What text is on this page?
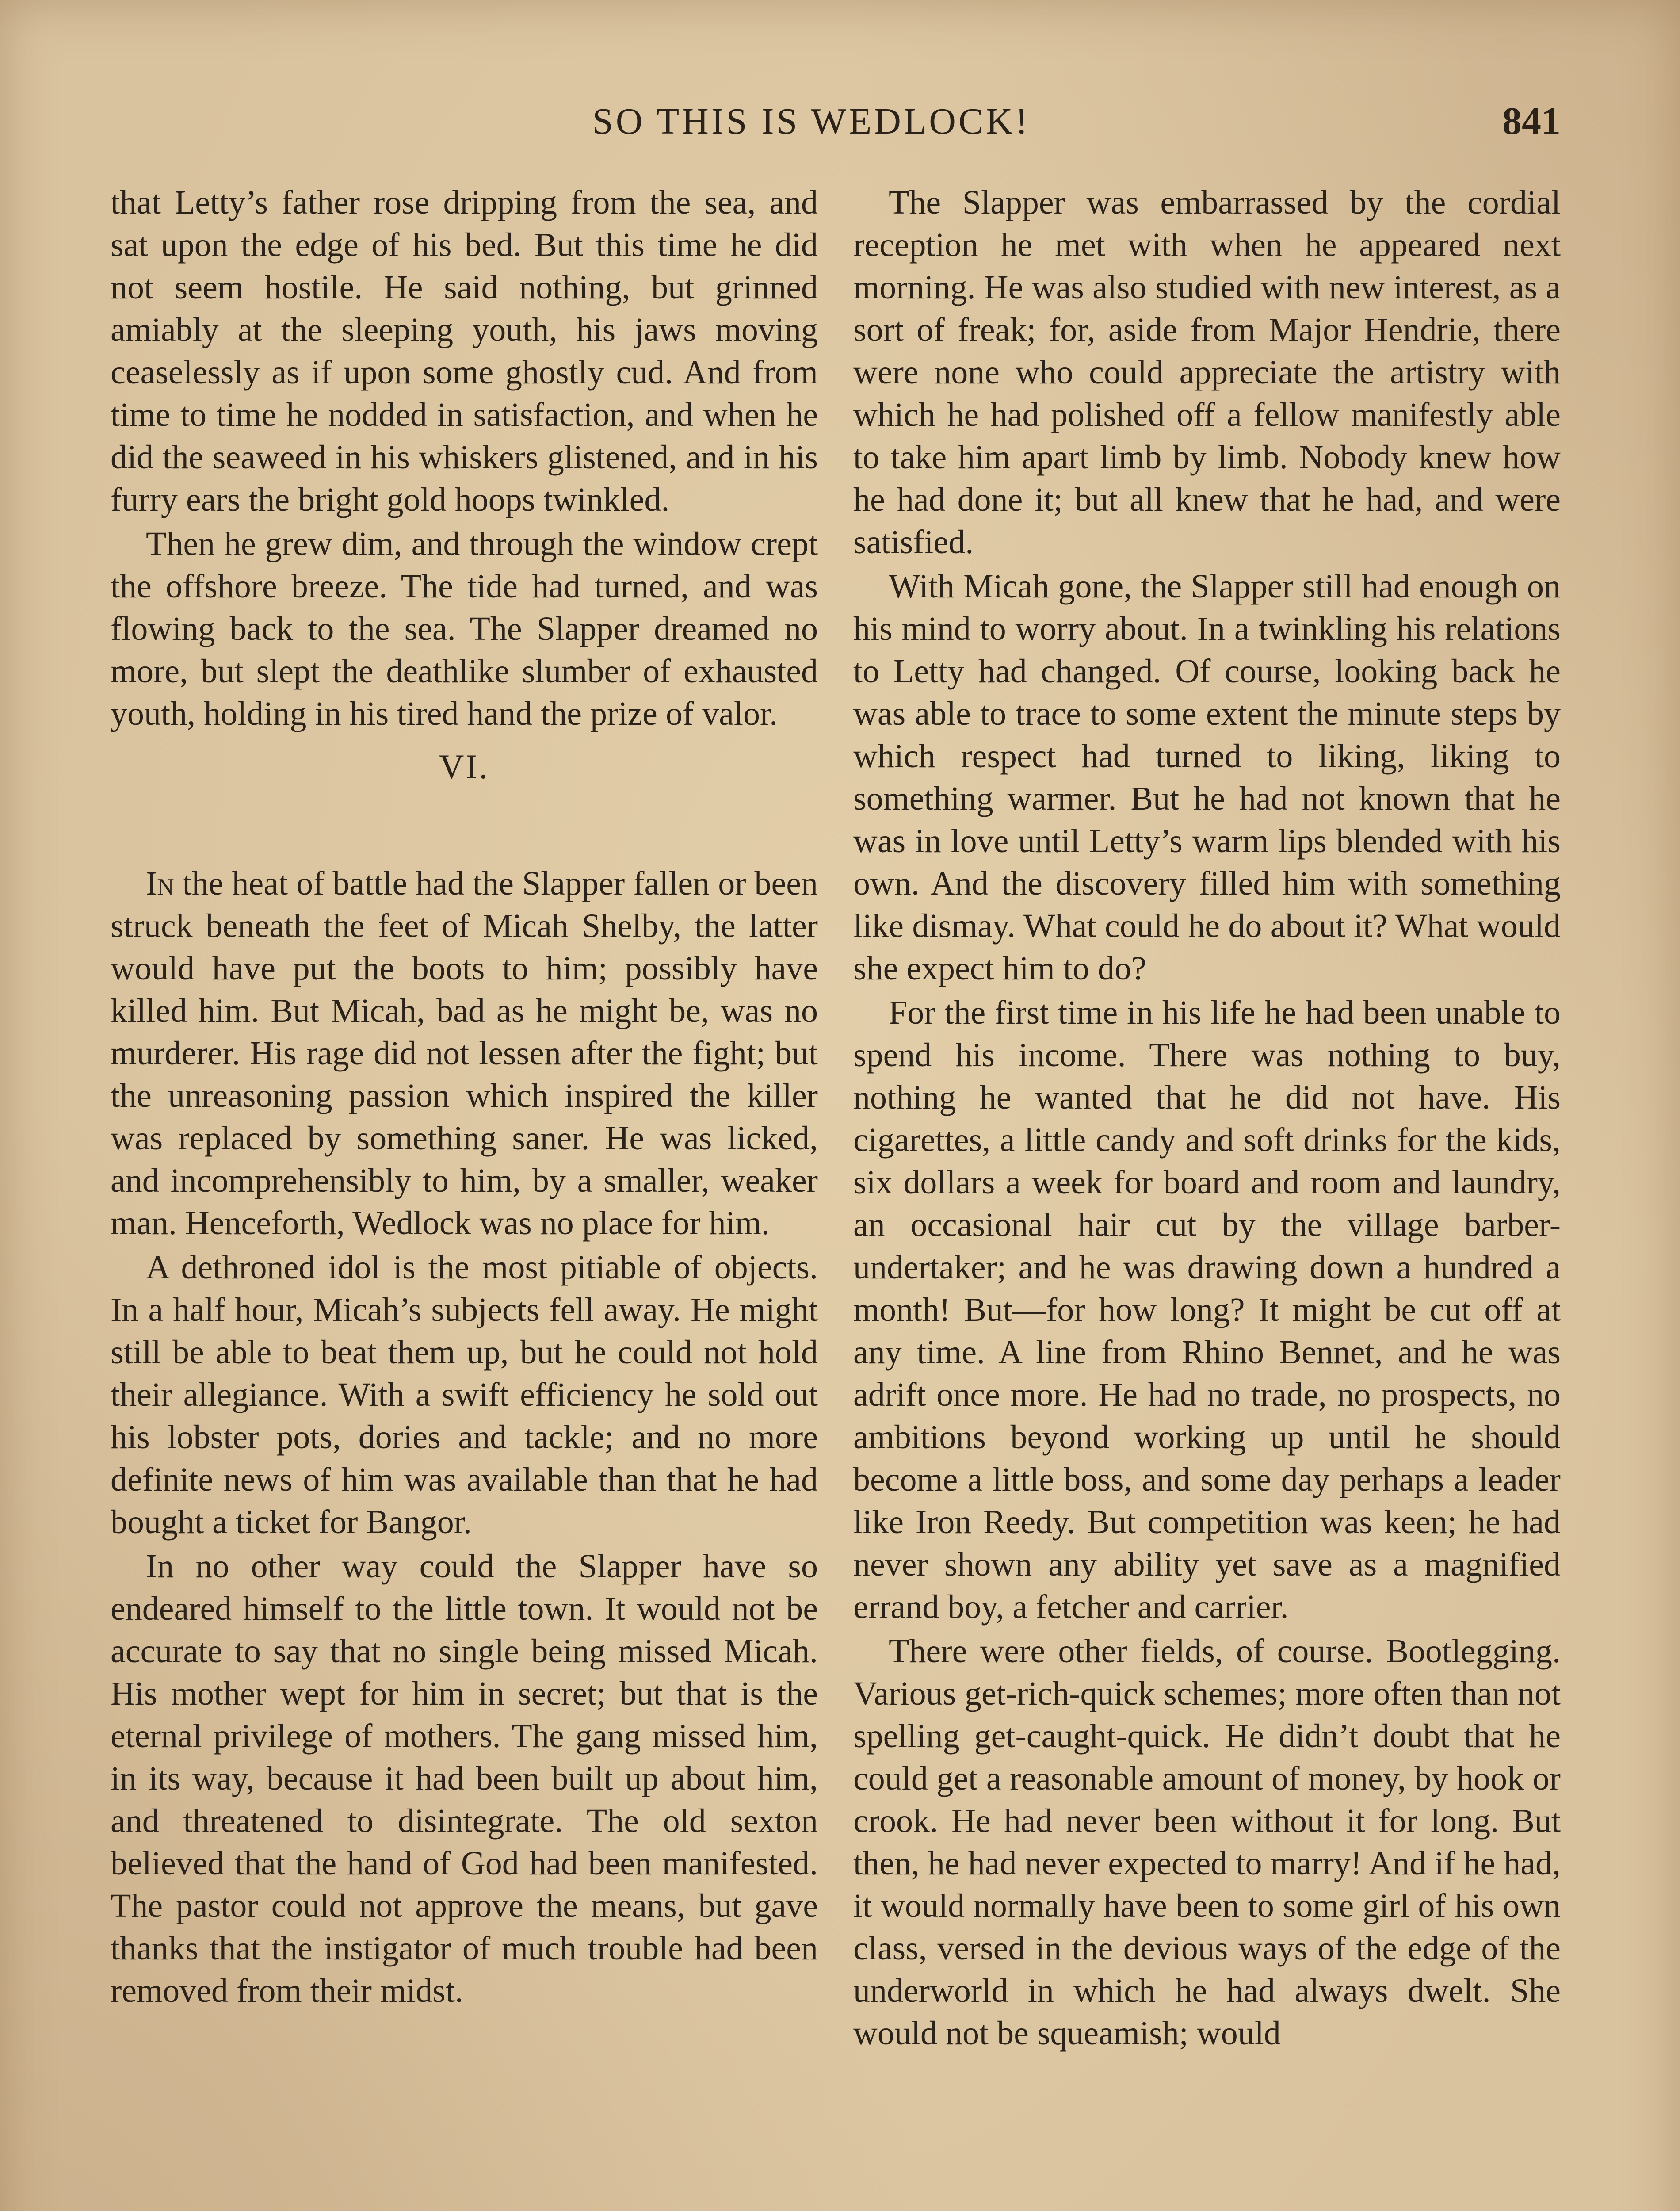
SO THIS IS WEDLOCK!	841

that Letty’s father rose dripping from the sea, and sat upon the edge of his bed. But this time he did not seem hostile. He said nothing, but grinned amiably at the sleeping youth, his jaws moving ceaselessly as if upon some ghostly cud. And from time to time he nodded in satisfaction, and when he did the seaweed in his whiskers glistened, and in his furry ears the bright gold hoops twinkled.

Then he grew dim, and through the window crept the offshore breeze. The tide had turned, and was flowing back to the sea. The Slapper dreamed no more, but slept the deathlike slumber of exhausted youth, holding in his tired hand the prize of valor.

VI.

In the heat of battle had the Slapper fallen or been struck beneath the feet of Micah Shelby, the latter would have put the boots to him; possibly have killed him. But Micah, bad as he might be, was no murderer. His rage did not lessen after the fight; but the unreasoning passion which inspired the killer was replaced by something saner. He was licked, and incomprehensibly to him, by a smaller, weaker man. Henceforth, Wedlock was no place for him.

A dethroned idol is the most pitiable of objects. In a half hour, Micah’s subjects fell away. He might still be able to beat them up, but he could not hold their allegiance. With a swift efficiency he sold out his lobster pots, dories and tackle; and no more definite news of him was available than that he had bought a ticket for Bangor.

In no other way could the Slapper have so endeared himself to the little town. It would not be accurate to say that no single being missed Micah. His mother wept for him in secret; but that is the eternal privilege of mothers. The gang missed him, in its way, because it had been built up about him, and threatened to disintegrate. The old sexton believed that the hand of God had been manifested. The pastor could not approve the means, but gave thanks that the instigator of much trouble had been removed from their midst.

The Slapper was embarrassed by the cordial reception he met with when he appeared next morning. He was also studied with new interest, as a sort of freak; for, aside from Major Hendrie, there were none who could appreciate the artistry with which he had polished off a fellow manifestly able to take him apart limb by limb. Nobody knew how he had done it; but all knew that he had, and were satisfied.

With Micah gone, the Slapper still had enough on his mind to worry about. In a twinkling his relations to Letty had changed. Of course, looking back he was able to trace to some extent the minute steps by which respect had turned to liking, liking to something warmer. But he had not known that he was in love until Letty’s warm lips blended with his own. And the discovery filled him with something like dismay. What could he do about it? What would she expect him to do?

For the first time in his life he had been unable to spend his income. There was nothing to buy, nothing he wanted that he did not have. His cigarettes, a little candy and soft drinks for the kids, six dollars a week for board and room and laundry, an occasional hair cut by the village barber-undertaker; and he was drawing down a hundred a month! But—for how long? It might be cut off at any time. A line from Rhino Bennet, and he was adrift once more. He had no trade, no prospects, no ambitions beyond working up until he should become a little boss, and some day perhaps a leader like Iron Reedy. But competition was keen; he had never shown any ability yet save as a magnified errand boy, a fetcher and carrier.

There were other fields, of course. Bootlegging. Various get-rich-quick schemes; more often than not spelling get-caught-quick. He didn’t doubt that he could get a reasonable amount of money, by hook or crook. He had never been without it for long. But then, he had never expected to marry! And if he had, it would normally have been to some girl of his own class, versed in the devious ways of the edge of the underworld in which he had always dwelt. She would not be squeamish; would
